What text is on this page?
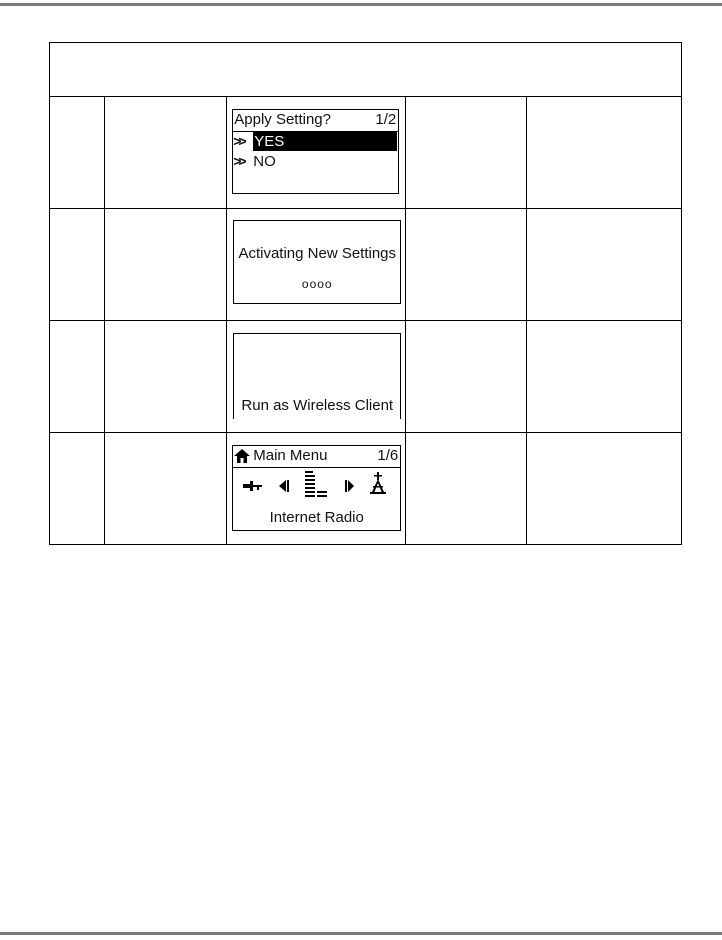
		Apply Setting? 1/2
>> YES
>> NO		

		Activating New Settings
oooo		

		Run as Wireless Client		

		Main Menu 1/6
Internet Radio		
